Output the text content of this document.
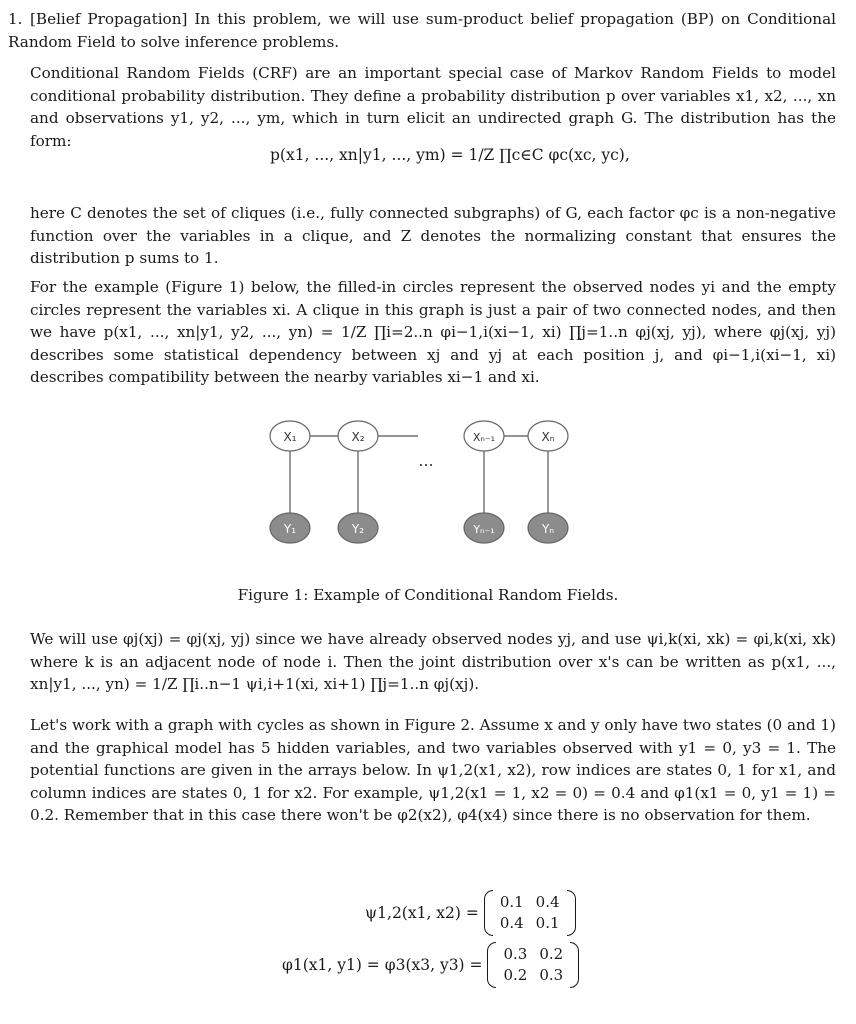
1. [Belief Propagation] In this problem, we will use sum-product belief propagation (BP) on Conditional Random Field to solve inference problems.

Conditional Random Fields (CRF) are an important special case of Markov Random Fields to model conditional probability distribution. They define a probability distribution p over variables x1, x2, ..., xn and observations y1, y2, ..., ym, which in turn elicit an undirected graph G. The distribution has the form:

p(x1, ..., xn|y1, ..., ym) = 1/Z ∏c∈C φc(xc, yc),

here C denotes the set of cliques (i.e., fully connected subgraphs) of G, each factor φc is a non-negative function over the variables in a clique, and Z denotes the normalizing constant that ensures the distribution p sums to 1.

For the example (Figure 1) below, the filled-in circles represent the observed nodes yi and the empty circles represent the variables xi. A clique in this graph is just a pair of two connected nodes, and then we have p(x1, ..., xn|y1, y2, ..., yn) = 1/Z ∏i=2..n φi−1,i(xi−1, xi) ∏j=1..n φj(xj, yj), where φj(xj, yj) describes some statistical dependency between xj and yj at each position j, and φi−1,i(xi−1, xi) describes compatibility between the nearby variables xi−1 and xi.

X₁	X₂	Xₙ₋₁	Xₙ
...
Y₁	Y₂	Yₙ₋₁	Yₙ
Figure 1: Example of Conditional Random Fields.

We will use φj(xj) = φj(xj, yj) since we have already observed nodes yj, and use ψi,k(xi, xk) = φi,k(xi, xk) where k is an adjacent node of node i. Then the joint distribution over x's can be written as p(x1, ..., xn|y1, ..., yn) = 1/Z ∏i..n−1 ψi,i+1(xi, xi+1) ∏j=1..n φj(xj).

Let's work with a graph with cycles as shown in Figure 2. Assume x and y only have two states (0 and 1) and the graphical model has 5 hidden variables, and two variables observed with y1 = 0, y3 = 1. The potential functions are given in the arrays below. In ψ1,2(x1, x2), row indices are states 0, 1 for x1, and column indices are states 0, 1 for x2. For example, ψ1,2(x1 = 1, x2 = 0) = 0.4 and φ1(x1 = 0, y1 = 1) = 0.2. Remember that in this case there won't be φ2(x2), φ4(x4) since there is no observation for them.

ψ1,2(x1, x2) =
0.1	0.4
0.4	0.1
φ1(x1, y1) = φ3(x3, y3) =
0.3	0.2
0.2	0.3
